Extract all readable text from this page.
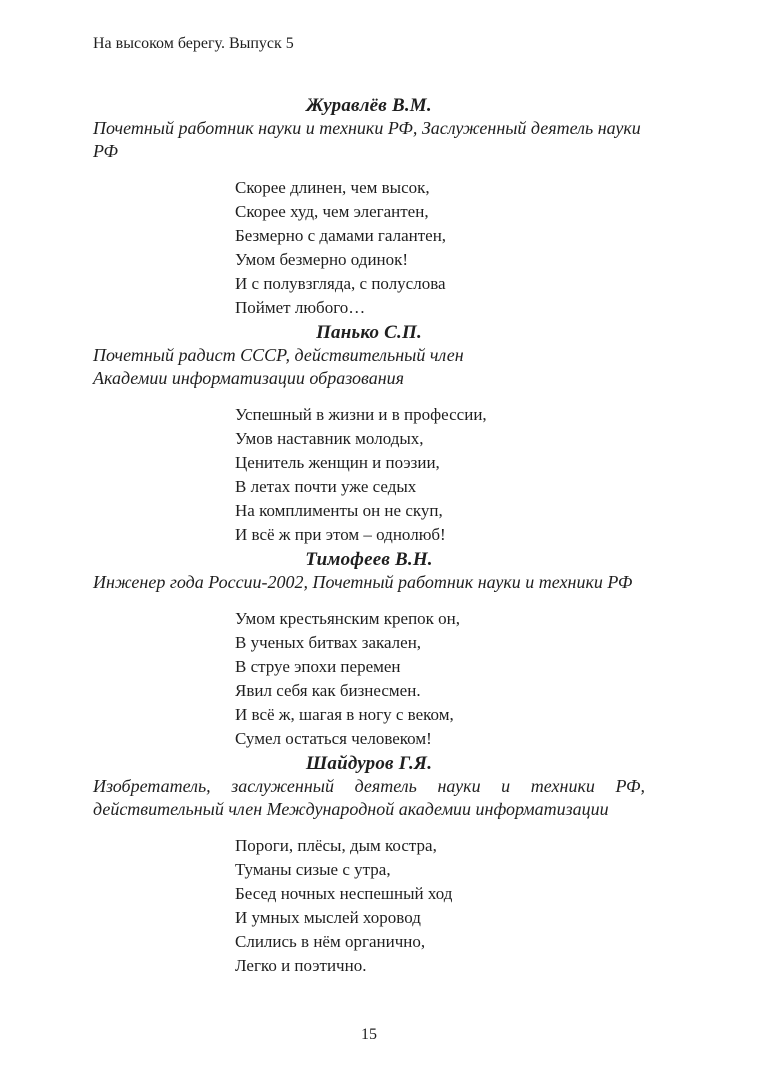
На высоком берегу. Выпуск 5
Журавлёв В.М.
Почетный работник науки и техники РФ, Заслуженный деятель науки
РФ
Скорее длинен, чем высок,
Скорее худ, чем элегантен,
Безмерно с дамами галантен,
Умом безмерно одинок!
И с полувзгляда, с полуслова
Поймет любого…
Панько С.П.
Почетный радист СССР, действительный член
Академии информатизации образования
Успешный в жизни и в профессии,
Умов наставник молодых,
Ценитель женщин и поэзии,
В летах почти уже седых
На комплименты он не скуп,
И всё ж при этом – однолюб!
Тимофеев В.Н.
Инженер года России-2002, Почетный работник науки и техники РФ
Умом крестьянским крепок он,
В ученых битвах закален,
В струе эпохи перемен
Явил себя как бизнесмен.
И всё ж, шагая в ногу с веком,
Сумел остаться человеком!
Шайдуров Г.Я.
Изобретатель, заслуженный деятель науки и техники РФ,
действительный член Международной академии информатизации
Пороги, плёсы, дым костра,
Туманы сизые с утра,
Бесед ночных неспешный ход
И умных мыслей хоровод
Слились в нём органично,
Легко и поэтично.
15
